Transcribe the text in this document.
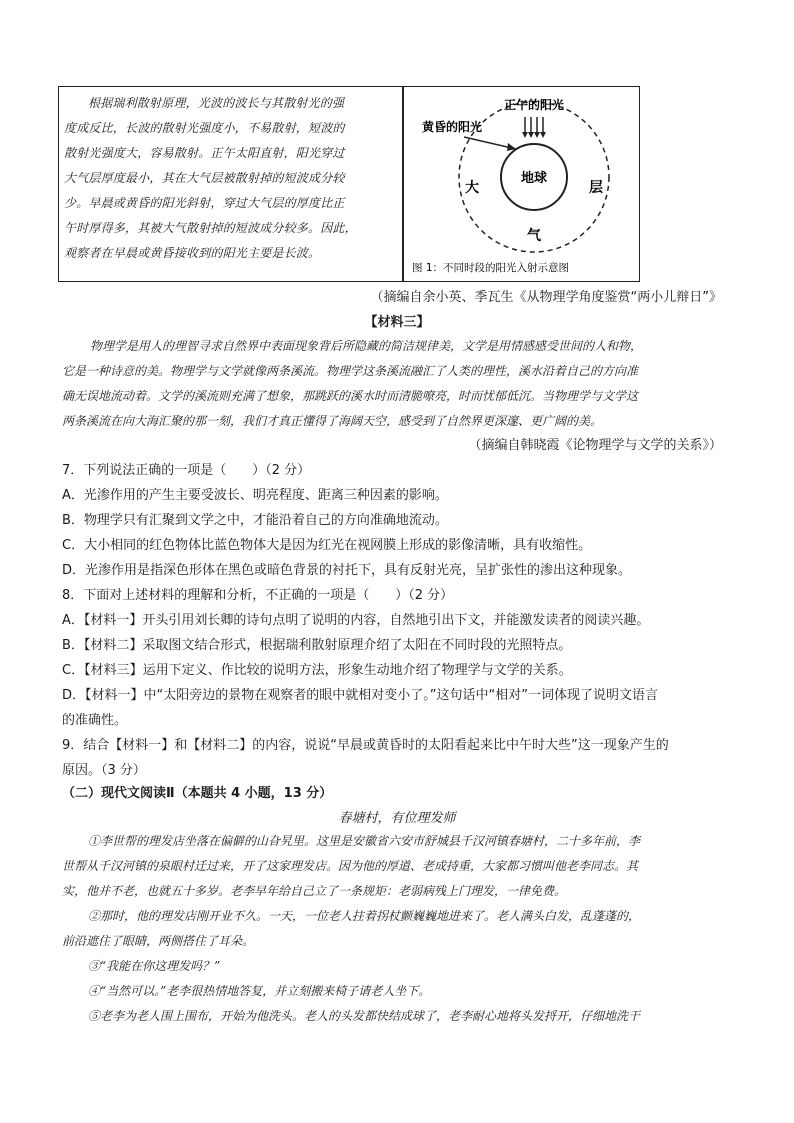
根据瑞利散射原理，光波的波长与其散射光的强
度成反比，长波的散射光强度小，不易散射，短波的
散射光强度大，容易散射。正午太阳直射，阳光穿过
大气层厚度最小，其在大气层被散射掉的短波成分较
少。早晨或黄昏的阳光斜射，穿过大气层的厚度比正
午时厚得多，其被大气散射掉的短波成分较多。因此，
观察者在早晨或黄昏接收到的阳光主要是长波。
正午的阳光
黄昏的阳光
地球
大	层
气
图 1：不同时段的阳光入射示意图
（摘编自余小英、季瓦生《从物理学角度鉴赏“两小儿辩日”》
【材料三】
物理学是用人的理智寻求自然界中表面现象背后所隐藏的简洁规律美，文学是用情感感受世间的人和物，
它是一种诗意的美。物理学与文学就像两条溪流。物理学这条溪流融汇了人类的理性，溪水沿着自己的方向准
确无误地流动着。文学的溪流则充满了想象，那跳跃的溪水时而清脆嘹亮，时而忧郁低沉。当物理学与文学这
两条溪流在向大海汇聚的那一刻，我们才真正懂得了海阔天空，感受到了自然界更深邃、更广阔的美。
（摘编自韩晓霞《论物理学与文学的关系》）
7．下列说法正确的一项是（　　）（2 分）
A．光渗作用的产生主要受波长、明亮程度、距离三种因素的影响。
B．物理学只有汇聚到文学之中，才能沿着自己的方向准确地流动。
C．大小相同的红色物体比蓝色物体大是因为红光在视网膜上形成的影像清晰，具有收缩性。
D．光渗作用是指深色形体在黑色或暗色背景的衬托下，具有反射光亮，呈扩张性的渗出这种现象。
8．下面对上述材料的理解和分析，不正确的一项是（　　）（2 分）
A．【材料一】开头引用刘长卿的诗句点明了说明的内容，自然地引出下文，并能激发读者的阅读兴趣。
B．【材料二】采取图文结合形式，根据瑞利散射原理介绍了太阳在不同时段的光照特点。
C．【材料三】运用下定义、作比较的说明方法，形象生动地介绍了物理学与文学的关系。
D．【材料一】中“太阳旁边的景物在观察者的眼中就相对变小了。”这句话中“相对”一词体现了说明文语言
的准确性。
9．结合【材料一】和【材料二】的内容，说说“早晨或黄昏时的太阳看起来比中午时大些”这一现象产生的
原因。（3 分）
（二）现代文阅读Ⅱ（本题共 4 小题，13 分）
春塘村，有位理发师
①李世帮的理发店坐落在偏僻的山旮旯里。这里是安徽省六安市舒城县千汉河镇春塘村，二十多年前，李
世帮从千汉河镇的泉眼村迁过来，开了这家理发店。因为他的厚道、老成持重，大家都习惯叫他老李同志。其
实，他并不老，也就五十多岁。老李早年给自己立了一条规矩：老弱病残上门理发，一律免费。
②那时，他的理发店刚开业不久。一天，一位老人拄着拐杖颤巍巍地进来了。老人满头白发，乱蓬蓬的，
前沿遮住了眼睛，两侧搭住了耳朵。
③“我能在你这理发吗？”
④“当然可以。”老李很热情地答复，并立刻搬来椅子请老人坐下。
⑤老李为老人围上围布，开始为他洗头。老人的头发都快结成球了，老李耐心地将头发捋开，仔细地洗干
